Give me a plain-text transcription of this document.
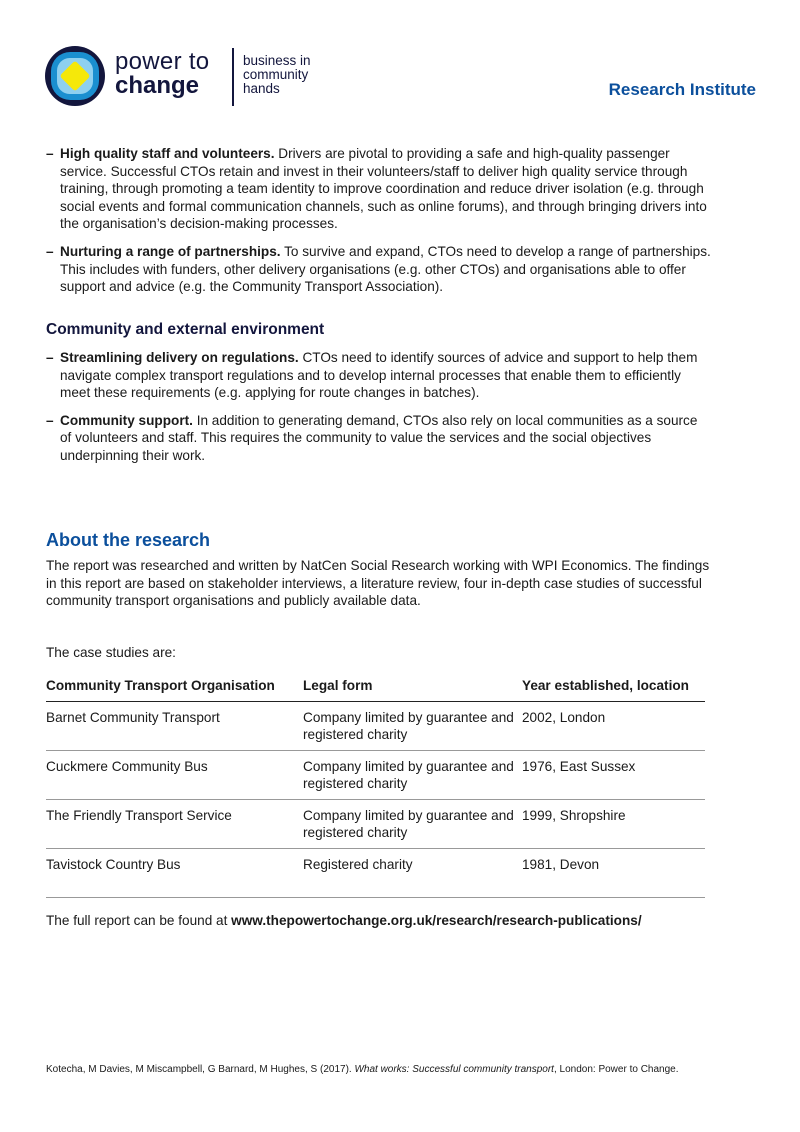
power to
change
business in
community
hands	Research Institute
– High quality staff and volunteers. Drivers are pivotal to providing a safe and high-quality passenger service. Successful CTOs retain and invest in their volunteers/staff to deliver high quality service through training, through promoting a team identity to improve coordination and reduce driver isolation (e.g. through social events and formal communication channels, such as online forums), and through bringing drivers into the organisation’s decision-making processes.
– Nurturing a range of partnerships. To survive and expand, CTOs need to develop a range of partnerships. This includes with funders, other delivery organisations (e.g. other CTOs) and organisations able to offer support and advice (e.g. the Community Transport Association).
Community and external environment
– Streamlining delivery on regulations. CTOs need to identify sources of advice and support to help them navigate complex transport regulations and to develop internal processes that enable them to efficiently meet these requirements (e.g. applying for route changes in batches).
– Community support. In addition to generating demand, CTOs also rely on local communities as a source of volunteers and staff. This requires the community to value the services and the social objectives underpinning their work.
About the research

The report was researched and written by NatCen Social Research working with WPI Economics. The findings in this report are based on stakeholder interviews, a literature review, four in-depth case studies of successful community transport organisations and publicly available data.

The case studies are:

Community Transport Organisation	Legal form	Year established, location
Barnet Community Transport	Company limited by guarantee and registered charity	2002, London
Cuckmere Community Bus	Company limited by guarantee and registered charity	1976, East Sussex
The Friendly Transport Service	Company limited by guarantee and registered charity	1999, Shropshire
Tavistock Country Bus	Registered charity	1981, Devon

The full report can be found at www.thepowertochange.org.uk/research/research-publications/

Kotecha, M Davies, M Miscampbell, G Barnard, M Hughes, S (2017). What works: Successful community transport, London: Power to Change.
